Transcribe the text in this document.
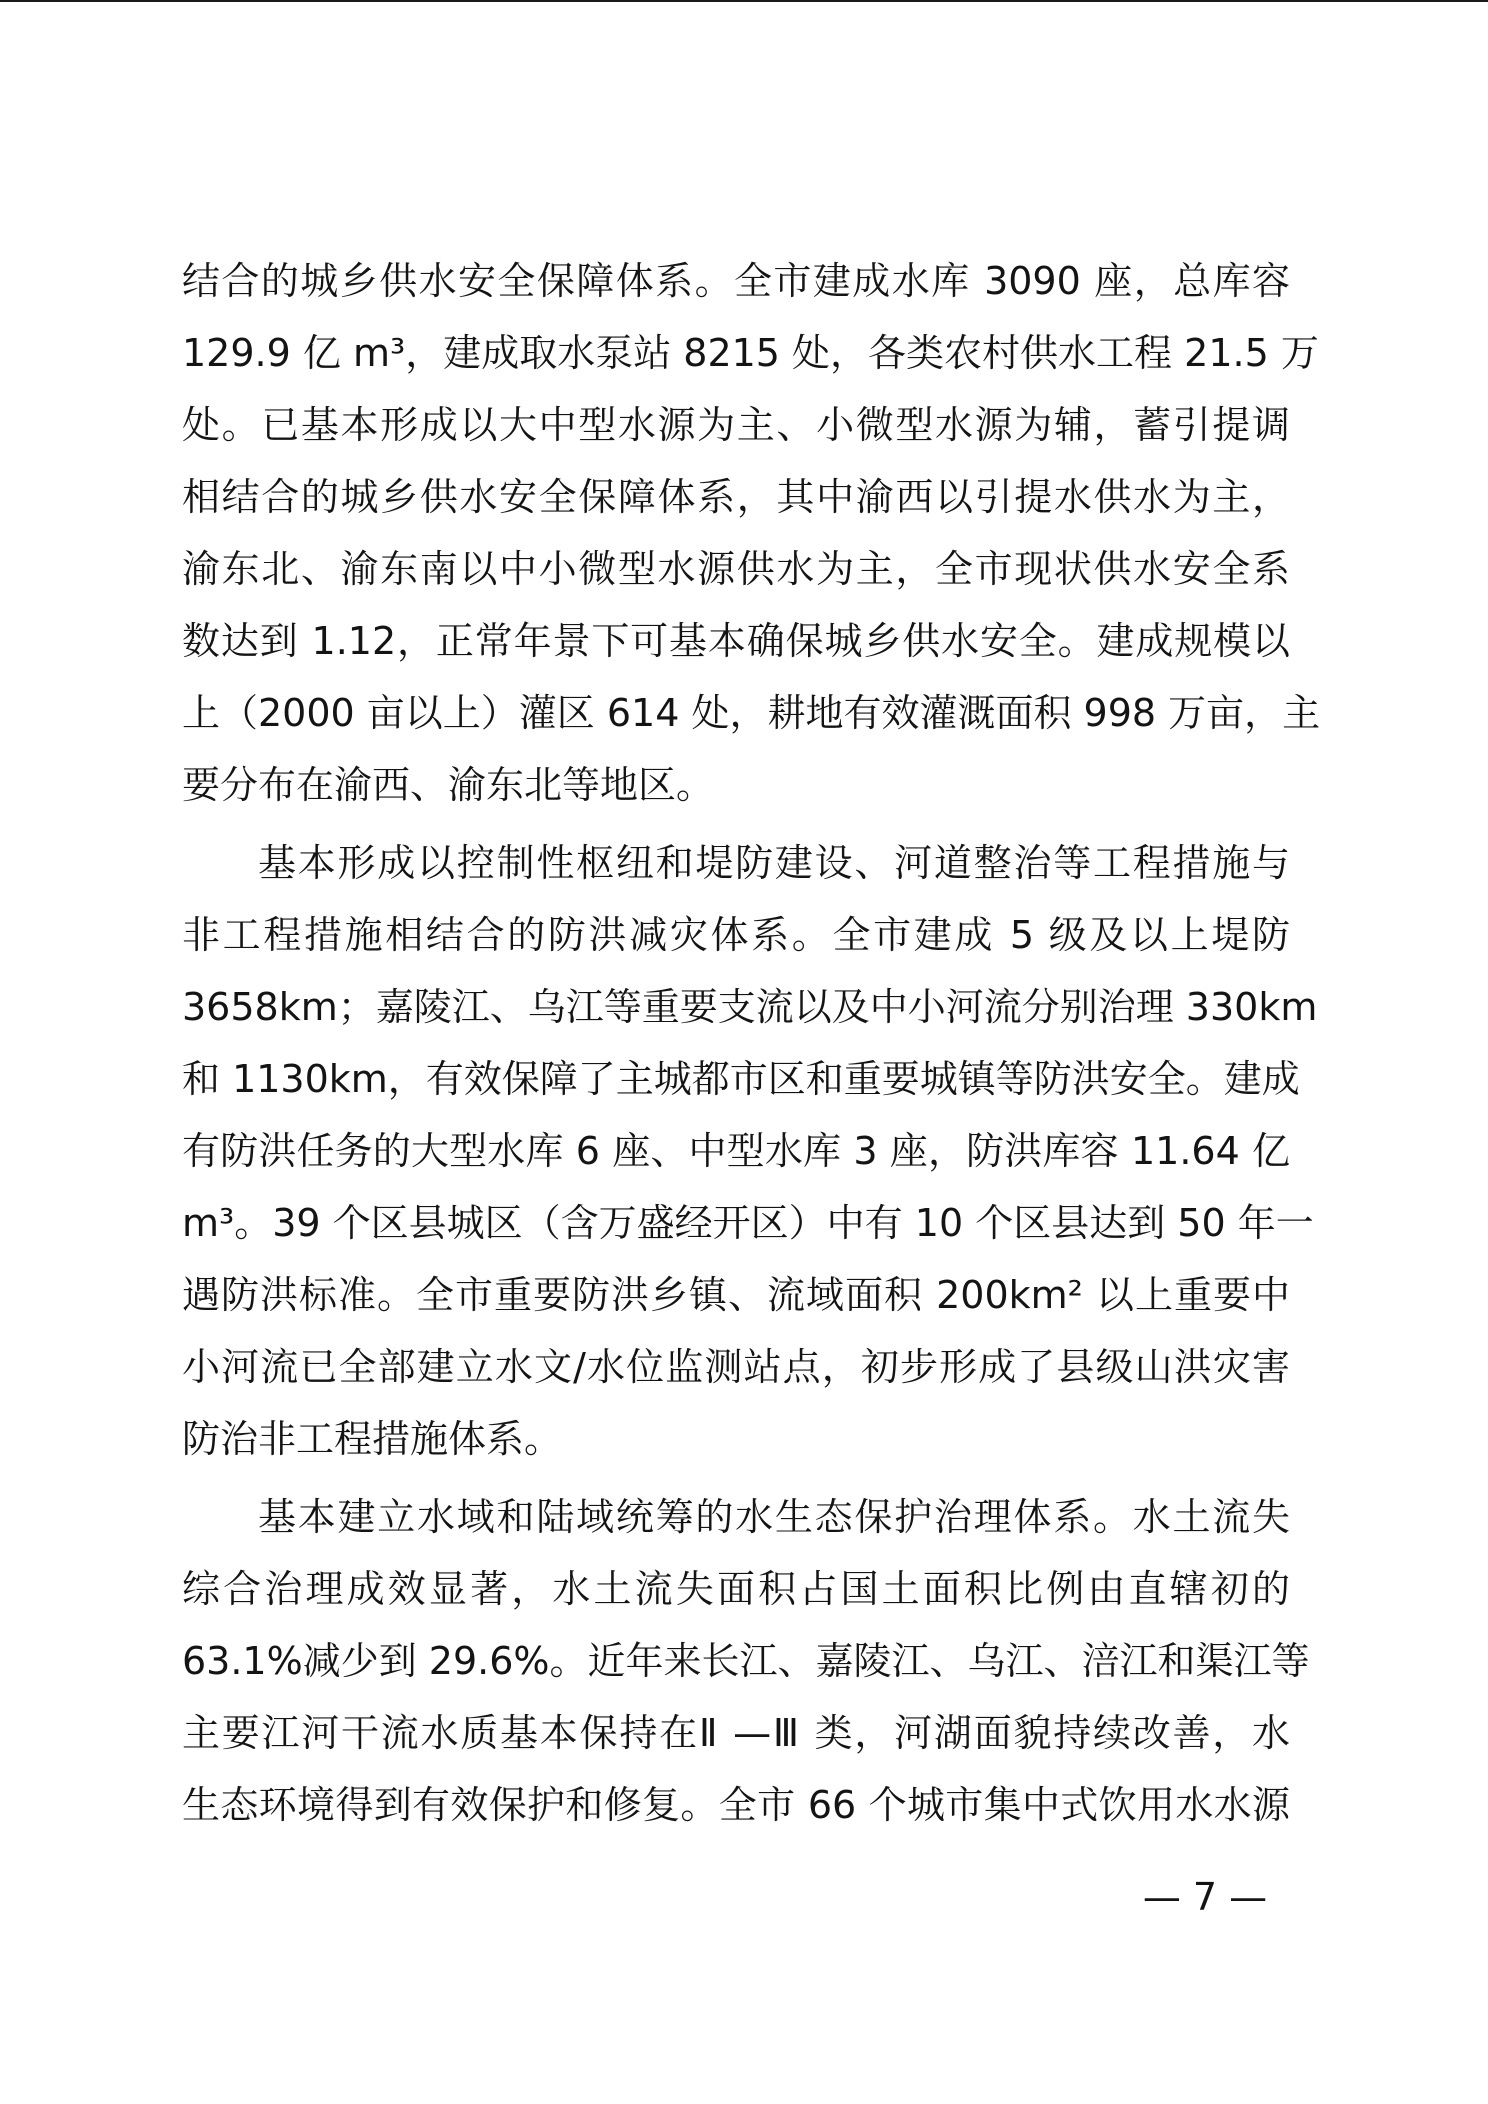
结合的城乡供水安全保障体系。全市建成水库 3090 座，总库容
129.9 亿 m³，建成取水泵站 8215 处，各类农村供水工程 21.5 万
处。已基本形成以大中型水源为主、小微型水源为辅，蓄引提调
相结合的城乡供水安全保障体系，其中渝西以引提水供水为主，
渝东北、渝东南以中小微型水源供水为主，全市现状供水安全系
数达到 1.12，正常年景下可基本确保城乡供水安全。建成规模以
上（2000 亩以上）灌区 614 处，耕地有效灌溉面积 998 万亩，主
要分布在渝西、渝东北等地区。
基本形成以控制性枢纽和堤防建设、河道整治等工程措施与
非工程措施相结合的防洪减灾体系。全市建成 5 级及以上堤防
3658km；嘉陵江、乌江等重要支流以及中小河流分别治理 330km
和 1130km，有效保障了主城都市区和重要城镇等防洪安全。建成
有防洪任务的大型水库 6 座、中型水库 3 座，防洪库容 11.64 亿
m³。39 个区县城区（含万盛经开区）中有 10 个区县达到 50 年一
遇防洪标准。全市重要防洪乡镇、流域面积 200km² 以上重要中
小河流已全部建立水文/水位监测站点，初步形成了县级山洪灾害
防治非工程措施体系。
基本建立水域和陆域统筹的水生态保护治理体系。水土流失
综合治理成效显著，水土流失面积占国土面积比例由直辖初的
63.1%减少到 29.6%。近年来长江、嘉陵江、乌江、涪江和渠江等
主要江河干流水质基本保持在Ⅱ —Ⅲ 类，河湖面貌持续改善，水
生态环境得到有效保护和修复。全市 66 个城市集中式饮用水水源
— 7 —
